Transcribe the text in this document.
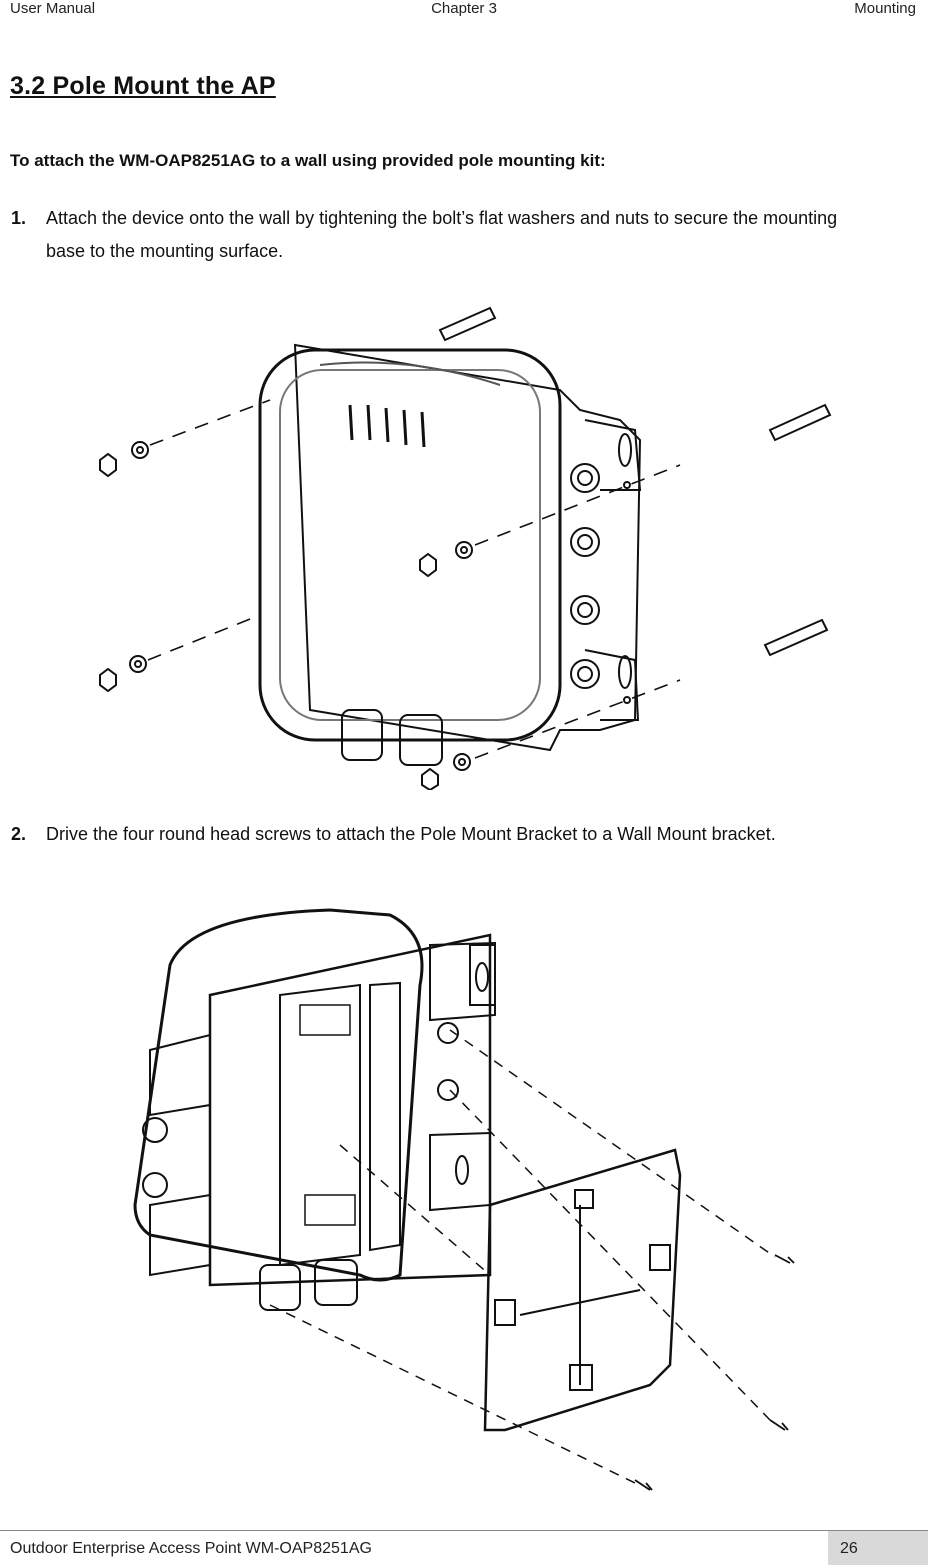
User Manual	Chapter 3	Mounting
3.2 Pole Mount the AP
To attach the WM-OAP8251AG to a wall using provided pole mounting kit:
1. Attach the device onto the wall by tightening the bolt’s flat washers and nuts to secure the mounting base to the mounting surface.
2. Drive the four round head screws to attach the Pole Mount Bracket to a Wall Mount bracket.
Outdoor Enterprise Access Point WM-OAP8251AG	26
